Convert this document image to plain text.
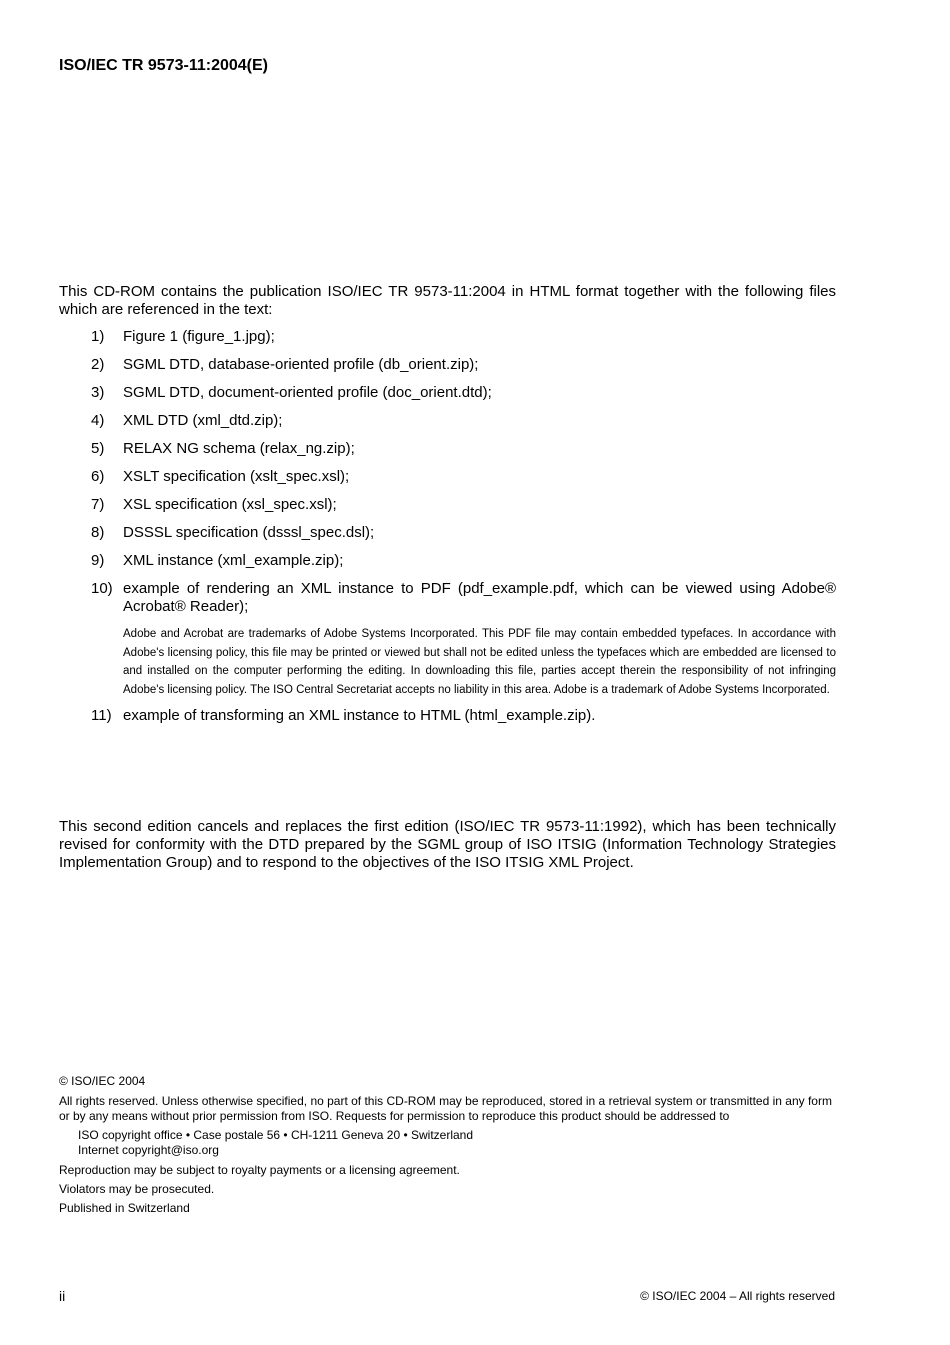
ISO/IEC TR 9573-11:2004(E)
This CD-ROM contains the publication ISO/IEC TR 9573-11:2004 in HTML format together with the following files which are referenced in the text:
1) Figure 1 (figure_1.jpg);
2) SGML DTD, database-oriented profile (db_orient.zip);
3) SGML DTD, document-oriented profile (doc_orient.dtd);
4) XML DTD (xml_dtd.zip);
5) RELAX NG schema (relax_ng.zip);
6) XSLT specification (xslt_spec.xsl);
7) XSL specification (xsl_spec.xsl);
8) DSSSL specification (dsssl_spec.dsl);
9) XML instance (xml_example.zip);
10) example of rendering an XML instance to PDF (pdf_example.pdf, which can be viewed using Adobe® Acrobat® Reader);

Adobe and Acrobat are trademarks of Adobe Systems Incorporated. This PDF file may contain embedded typefaces. In accordance with Adobe's licensing policy, this file may be printed or viewed but shall not be edited unless the typefaces which are embedded are licensed to and installed on the computer performing the editing. In downloading this file, parties accept therein the responsibility of not infringing Adobe's licensing policy. The ISO Central Secretariat accepts no liability in this area. Adobe is a trademark of Adobe Systems Incorporated.

11) example of transforming an XML instance to HTML (html_example.zip).
This second edition cancels and replaces the first edition (ISO/IEC TR 9573-11:1992), which has been technically revised for conformity with the DTD prepared by the SGML group of ISO ITSIG (Information Technology Strategies Implementation Group) and to respond to the objectives of the ISO ITSIG XML Project.

© ISO/IEC 2004

All rights reserved. Unless otherwise specified, no part of this CD-ROM may be reproduced, stored in a retrieval system or transmitted in any form or by any means without prior permission from ISO. Requests for permission to reproduce this product should be addressed to

ISO copyright office • Case postale 56 • CH-1211 Geneva 20 • Switzerland

Internet copyright@iso.org

Reproduction may be subject to royalty payments or a licensing agreement.

Violators may be prosecuted.

Published in Switzerland

ii	© ISO/IEC 2004 – All rights reserved
